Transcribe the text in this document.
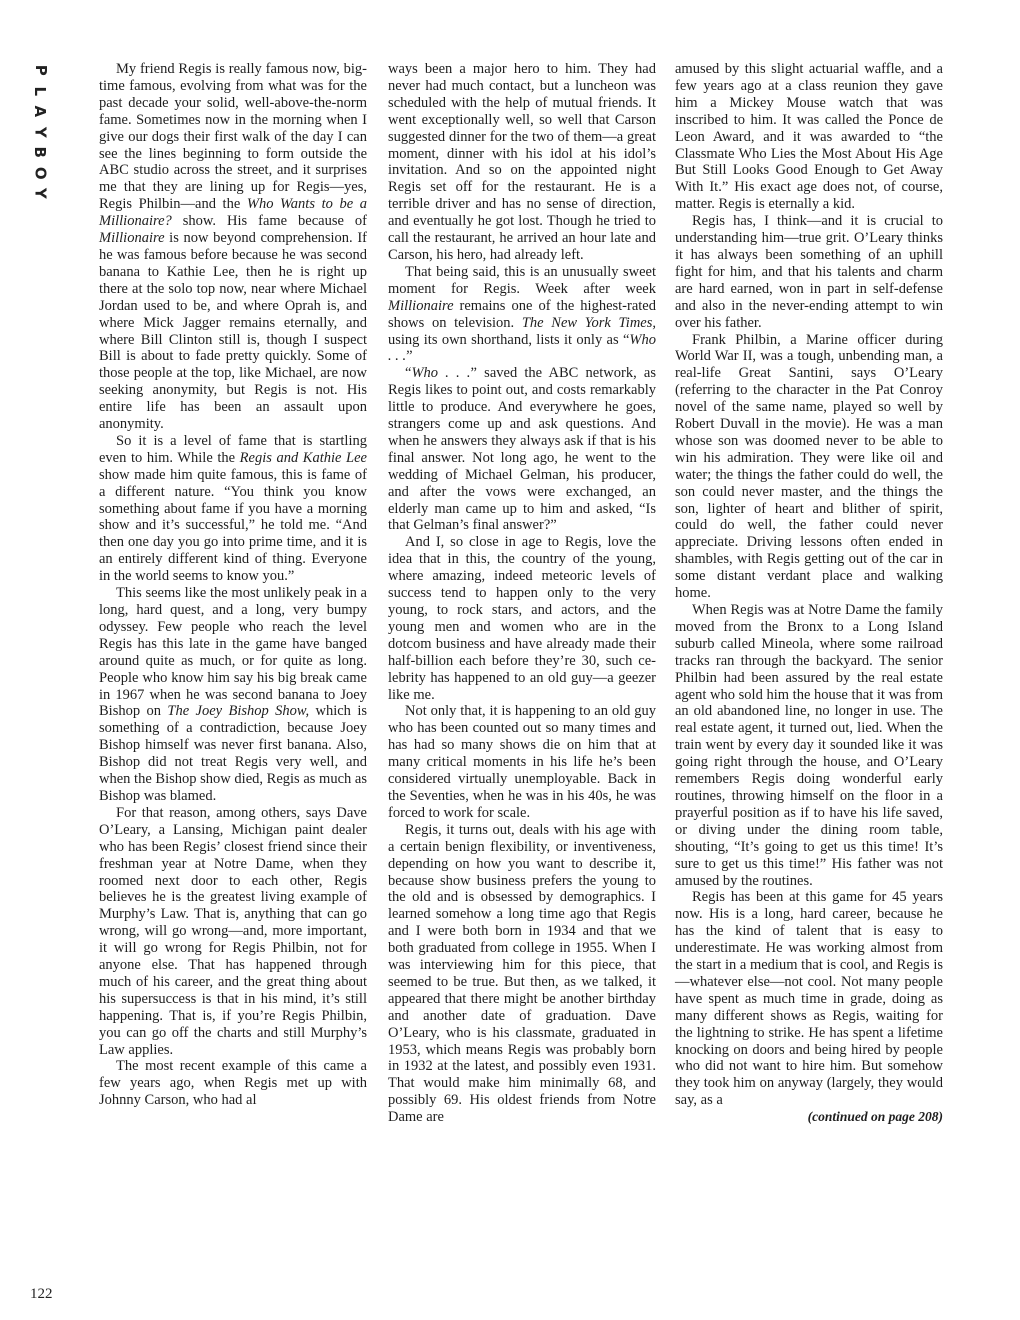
P
L
A
Y
B
O
Y

My friend Regis is really famous now, big-time famous, evolving from what was for the past decade your solid, well-above-the-norm fame. Sometimes now in the morning when I give our dogs their first walk of the day I can see the lines beginning to form outside the ABC studio across the street, and it surprises me that they are lining up for Regis—yes, Regis Philbin—and the Who Wants to be a Millionaire? show. His fame because of Millionaire is now beyond comprehension. If he was famous before because he was second banana to Kathie Lee, then he is right up there at the solo top now, near where Michael Jordan used to be, and where Oprah is, and where Mick Jagger remains eternally, and where Bill Clinton still is, though I suspect Bill is about to fade pretty quickly. Some of those people at the top, like Michael, are now seeking anonymity, but Regis is not. His entire life has been an assault upon anonymity.

So it is a level of fame that is startling even to him. While the Regis and Kathie Lee show made him quite famous, this is fame of a different nature. “You think you know something about fame if you have a morning show and it’s successful,” he told me. “And then one day you go into prime time, and it is an entirely different kind of thing. Everyone in the world seems to know you.”

This seems like the most unlikely peak in a long, hard quest, and a long, very bumpy odyssey. Few people who reach the level Regis has this late in the game have banged around quite as much, or for quite as long. People who know him say his big break came in 1967 when he was second banana to Joey Bishop on The Joey Bishop Show, which is something of a contradiction, because Joey Bishop himself was never first banana. Also, Bishop did not treat Regis very well, and when the Bishop show died, Regis as much as Bishop was blamed.

For that reason, among others, says Dave O’Leary, a Lansing, Michigan paint dealer who has been Regis’ closest friend since their freshman year at Notre Dame, when they roomed next door to each other, Regis believes he is the greatest living example of Murphy’s Law. That is, anything that can go wrong, will go wrong—and, more important, it will go wrong for Regis Philbin, not for anyone else. That has happened through much of his career, and the great thing about his supersuccess is that in his mind, it’s still happening. That is, if you’re Regis Philbin, you can go off the charts and still Murphy’s Law applies.

The most recent example of this came a few years ago, when Regis met up with Johnny Carson, who had al

ways been a major hero to him. They had never had much contact, but a luncheon was scheduled with the help of mutual friends. It went exceptionally well, so well that Carson suggested dinner for the two of them—a great moment, dinner with his idol at his idol’s invitation. And so on the appointed night Regis set off for the restaurant. He is a terrible driver and has no sense of direction, and eventually he got lost. Though he tried to call the restaurant, he arrived an hour late and Carson, his hero, had already left.

That being said, this is an unusually sweet moment for Regis. Week after week Millionaire remains one of the highest-rated shows on television. The New York Times, using its own shorthand, lists it only as “Who . . .”

“Who . . .” saved the ABC network, as Regis likes to point out, and costs remarkably little to produce. And everywhere he goes, strangers come up and ask questions. And when he answers they always ask if that is his final answer. Not long ago, he went to the wedding of Michael Gelman, his producer, and after the vows were exchanged, an elderly man came up to him and asked, “Is that Gelman’s final answer?”

And I, so close in age to Regis, love the idea that in this, the country of the young, where amazing, indeed meteoric levels of success tend to happen only to the very young, to rock stars, and actors, and the young men and women who are in the dotcom business and have already made their half-billion each before they’re 30, such celebrity has happened to an old guy—a geezer like me.

Not only that, it is happening to an old guy who has been counted out so many times and has had so many shows die on him that at many critical moments in his life he’s been considered virtually unemployable. Back in the Seventies, when he was in his 40s, he was forced to work for scale.

Regis, it turns out, deals with his age with a certain benign flexibility, or inventiveness, depending on how you want to describe it, because show business prefers the young to the old and is obsessed by demographics. I learned somehow a long time ago that Regis and I were both born in 1934 and that we both graduated from college in 1955. When I was interviewing him for this piece, that seemed to be true. But then, as we talked, it appeared that there might be another birthday and another date of graduation. Dave O’Leary, who is his classmate, graduated in 1953, which means Regis was probably born in 1932 at the latest, and possibly even 1931. That would make him minimally 68, and possibly 69. His oldest friends from Notre Dame are

amused by this slight actuarial waffle, and a few years ago at a class reunion they gave him a Mickey Mouse watch that was inscribed to him. It was called the Ponce de Leon Award, and it was awarded to “the Classmate Who Lies the Most About His Age But Still Looks Good Enough to Get Away With It.” His exact age does not, of course, matter. Regis is eternally a kid.

Regis has, I think—and it is crucial to understanding him—true grit. O’Leary thinks it has always been something of an uphill fight for him, and that his talents and charm are hard earned, won in part in self-defense and also in the never-ending attempt to win over his father.

Frank Philbin, a Marine officer during World War II, was a tough, unbending man, a real-life Great Santini, says O’Leary (referring to the character in the Pat Conroy novel of the same name, played so well by Robert Duvall in the movie). He was a man whose son was doomed never to be able to win his admiration. They were like oil and water; the things the father could do well, the son could never master, and the things the son, lighter of heart and blither of spirit, could do well, the father could never appreciate. Driving lessons often ended in shambles, with Regis getting out of the car in some distant verdant place and walking home.

When Regis was at Notre Dame the family moved from the Bronx to a Long Island suburb called Mineola, where some railroad tracks ran through the backyard. The senior Philbin had been assured by the real estate agent who sold him the house that it was from an old abandoned line, no longer in use. The real estate agent, it turned out, lied. When the train went by every day it sounded like it was going right through the house, and O’Leary remembers Regis doing wonderful early routines, throwing himself on the floor in a prayerful position as if to have his life saved, or diving under the dining room table, shouting, “It’s going to get us this time! It’s sure to get us this time!” His father was not amused by the routines.

Regis has been at this game for 45 years now. His is a long, hard career, because he has the kind of talent that is easy to underestimate. He was working almost from the start in a medium that is cool, and Regis is—whatever else—not cool. Not many people have spent as much time in grade, doing as many different shows as Regis, waiting for the lightning to strike. He has spent a lifetime knocking on doors and being hired by people who did not want to hire him. But somehow they took him on anyway (largely, they would say, as a

(continued on page 208)
122
